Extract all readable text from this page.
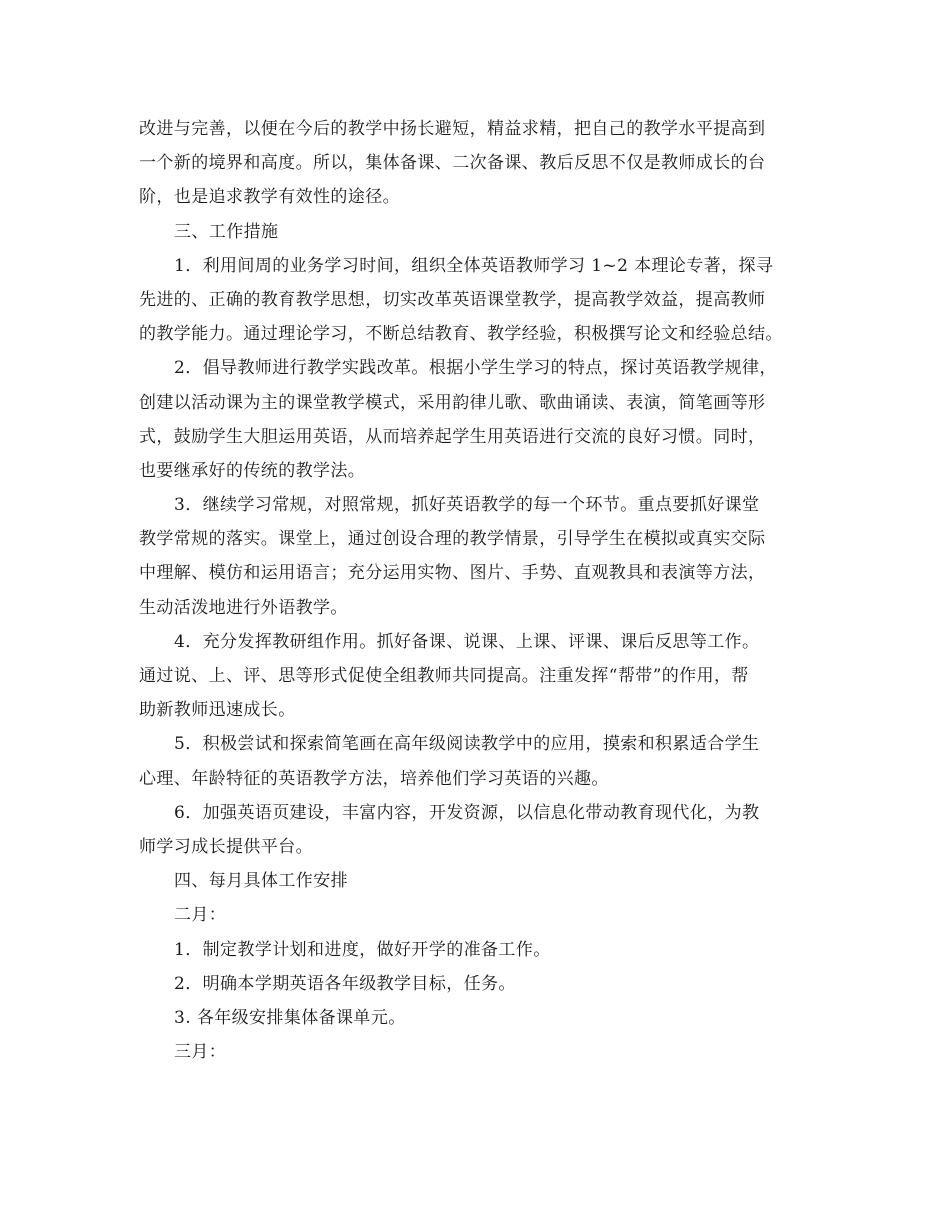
改进与完善，以便在今后的教学中扬长避短，精益求精，把自己的教学水平提高到
一个新的境界和高度。所以，集体备课、二次备课、教后反思不仅是教师成长的台
阶，也是追求教学有效性的途径。
三、工作措施
1．利用间周的业务学习时间，组织全体英语教师学习 1~2 本理论专著，探寻
先进的、正确的教育教学思想，切实改革英语课堂教学，提高教学效益，提高教师
的教学能力。通过理论学习，不断总结教育、教学经验，积极撰写论文和经验总结。
2．倡导教师进行教学实践改革。根据小学生学习的特点，探讨英语教学规律，
创建以活动课为主的课堂教学模式，采用韵律儿歌、歌曲诵读、表演，简笔画等形
式，鼓励学生大胆运用英语，从而培养起学生用英语进行交流的良好习惯。同时，
也要继承好的传统的教学法。
3．继续学习常规，对照常规，抓好英语教学的每一个环节。重点要抓好课堂
教学常规的落实。课堂上，通过创设合理的教学情景，引导学生在模拟或真实交际
中理解、模仿和运用语言；充分运用实物、图片、手势、直观教具和表演等方法，
生动活泼地进行外语教学。
4．充分发挥教研组作用。抓好备课、说课、上课、评课、课后反思等工作。
通过说、上、评、思等形式促使全组教师共同提高。注重发挥“帮带”的作用，帮
助新教师迅速成长。
5．积极尝试和探索简笔画在高年级阅读教学中的应用，摸索和积累适合学生
心理、年龄特征的英语教学方法，培养他们学习英语的兴趣。
6．加强英语页建设，丰富内容，开发资源，以信息化带动教育现代化，为教
师学习成长提供平台。
四、每月具体工作安排
二月：
1．制定教学计划和进度，做好开学的准备工作。
2．明确本学期英语各年级教学目标，任务。
3. 各年级安排集体备课单元。
三月：
